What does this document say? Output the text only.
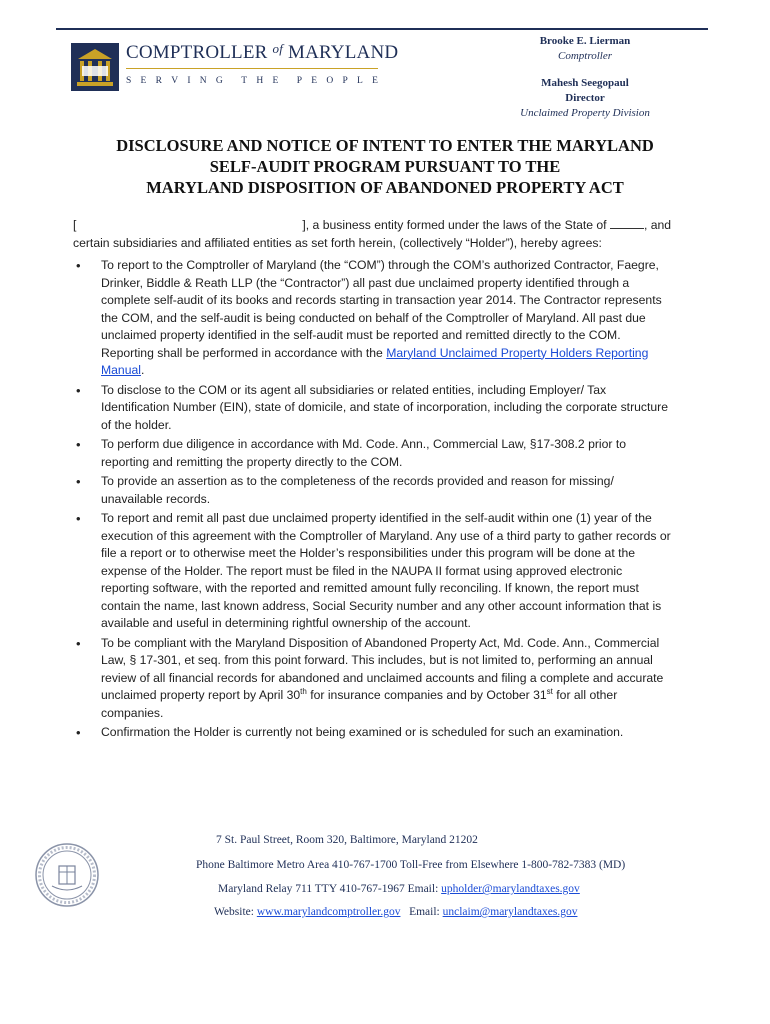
COMPTROLLER $^{of}$ MARYLAND
S E R V I N G T H E P E O P L E
Brooke E. Lierman
Comptroller
Mahesh Seegopaul
Director
Unclaimed Property Division
DISCLOSURE AND NOTICE OF INTENT TO ENTER THE MARYLAND
SELF-AUDIT PROGRAM PURSUANT TO THE
MARYLAND DISPOSITION OF ABANDONED PROPERTY ACT

[	], a business entity formed under the laws of the State of	, and certain subsidiaries and affiliated entities as set forth herein, (collectively “Holder”), hereby agrees:

• To report to the Comptroller of Maryland (the “COM”) through the COM’s authorized Contractor, Faegre, Drinker, Biddle & Reath LLP (the “Contractor”) all past due unclaimed property identified through a complete self-audit of its books and records starting in transaction year 2014. The Contractor represents the COM, and the self-audit is being conducted on behalf of the Comptroller of Maryland. All past due unclaimed property identified in the self-audit must be reported and remitted directly to the COM. Reporting shall be performed in accordance with the Maryland Unclaimed Property Holders Reporting Manual.
• To disclose to the COM or its agent all subsidiaries or related entities, including Employer/ Tax Identification Number (EIN), state of domicile, and state of incorporation, including the corporate structure of the holder.
• To perform due diligence in accordance with Md. Code. Ann., Commercial Law, §17-308.2 prior to reporting and remitting the property directly to the COM.
• To provide an assertion as to the completeness of the records provided and reason for missing/ unavailable records.
• To report and remit all past due unclaimed property identified in the self-audit within one (1) year of the execution of this agreement with the Comptroller of Maryland. Any use of a third party to gather records or file a report or to otherwise meet the Holder’s responsibilities under this program will be done at the expense of the Holder. The report must be filed in the NAUPA II format using approved electronic reporting software, with the reported and remitted amount fully reconciling. If known, the report must contain the name, last known address, Social Security number and any other account information that is available and useful in determining rightful ownership of the account.
• To be compliant with the Maryland Disposition of Abandoned Property Act, Md. Code. Ann., Commercial Law, § 17-301, et seq. from this point forward. This includes, but is not limited to, performing an annual review of all financial records for abandoned and unclaimed accounts and filing a complete and accurate unclaimed property report by April 30th for insurance companies and by October 31st for all other companies.
• Confirmation the Holder is currently not being examined or is scheduled for such an examination.
7 St. Paul Street, Room 320, Baltimore, Maryland 21202
Phone Baltimore Metro Area 410-767-1700 Toll-Free from Elsewhere 1-800-782-7383 (MD)
Maryland Relay 711 TTY 410-767-1967 Email: upholder@marylandtaxes.gov
Website: www.marylandcomptroller.gov Email: unclaim@marylandtaxes.gov
